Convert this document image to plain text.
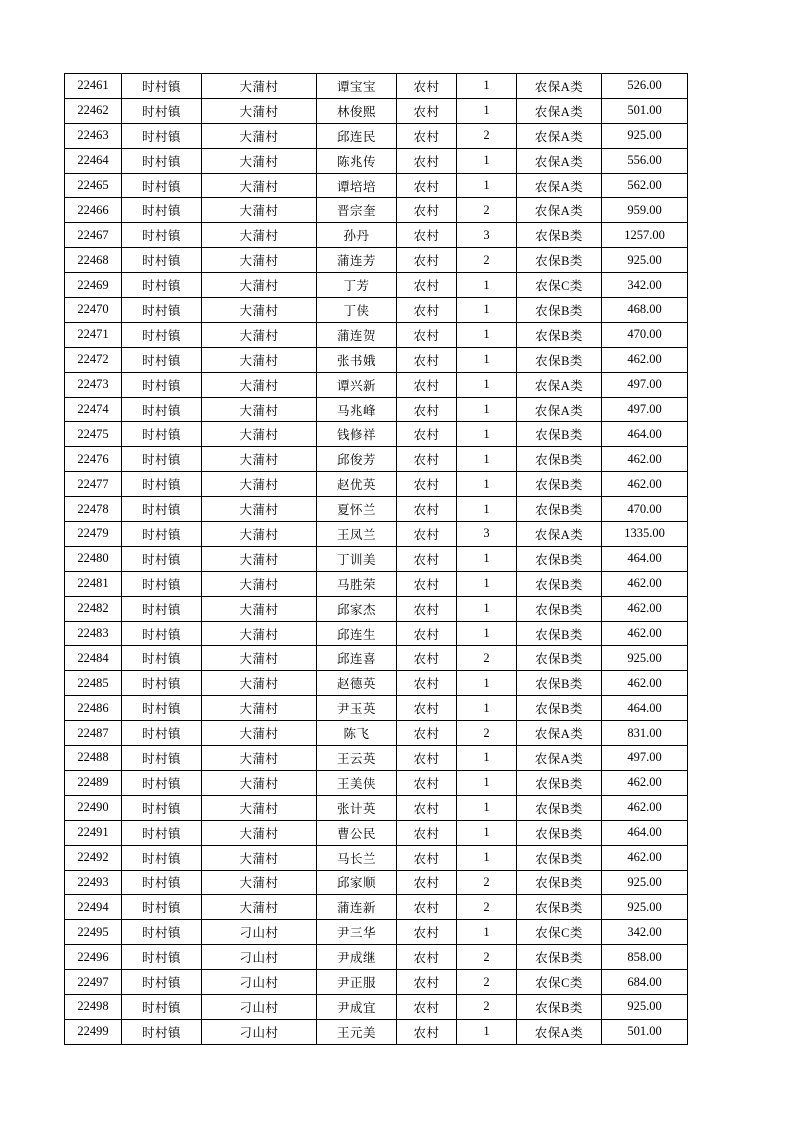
22461	时村镇	大蒲村	谭宝宝	农村	1	农保A类	526.00
22462	时村镇	大蒲村	林俊熙	农村	1	农保A类	501.00
22463	时村镇	大蒲村	邱连民	农村	2	农保A类	925.00
22464	时村镇	大蒲村	陈兆传	农村	1	农保A类	556.00
22465	时村镇	大蒲村	谭培培	农村	1	农保A类	562.00
22466	时村镇	大蒲村	晋宗奎	农村	2	农保A类	959.00
22467	时村镇	大蒲村	孙丹	农村	3	农保B类	1257.00
22468	时村镇	大蒲村	蒲连芳	农村	2	农保B类	925.00
22469	时村镇	大蒲村	丁芳	农村	1	农保C类	342.00
22470	时村镇	大蒲村	丁侠	农村	1	农保B类	468.00
22471	时村镇	大蒲村	蒲连贺	农村	1	农保B类	470.00
22472	时村镇	大蒲村	张书娥	农村	1	农保B类	462.00
22473	时村镇	大蒲村	谭兴新	农村	1	农保A类	497.00
22474	时村镇	大蒲村	马兆峰	农村	1	农保A类	497.00
22475	时村镇	大蒲村	钱修祥	农村	1	农保B类	464.00
22476	时村镇	大蒲村	邱俊芳	农村	1	农保B类	462.00
22477	时村镇	大蒲村	赵优英	农村	1	农保B类	462.00
22478	时村镇	大蒲村	夏怀兰	农村	1	农保B类	470.00
22479	时村镇	大蒲村	王凤兰	农村	3	农保A类	1335.00
22480	时村镇	大蒲村	丁训美	农村	1	农保B类	464.00
22481	时村镇	大蒲村	马胜荣	农村	1	农保B类	462.00
22482	时村镇	大蒲村	邱家杰	农村	1	农保B类	462.00
22483	时村镇	大蒲村	邱连生	农村	1	农保B类	462.00
22484	时村镇	大蒲村	邱连喜	农村	2	农保B类	925.00
22485	时村镇	大蒲村	赵德英	农村	1	农保B类	462.00
22486	时村镇	大蒲村	尹玉英	农村	1	农保B类	464.00
22487	时村镇	大蒲村	陈飞	农村	2	农保A类	831.00
22488	时村镇	大蒲村	王云英	农村	1	农保A类	497.00
22489	时村镇	大蒲村	王美侠	农村	1	农保B类	462.00
22490	时村镇	大蒲村	张计英	农村	1	农保B类	462.00
22491	时村镇	大蒲村	曹公民	农村	1	农保B类	464.00
22492	时村镇	大蒲村	马长兰	农村	1	农保B类	462.00
22493	时村镇	大蒲村	邱家顺	农村	2	农保B类	925.00
22494	时村镇	大蒲村	蒲连新	农村	2	农保B类	925.00
22495	时村镇	刁山村	尹三华	农村	1	农保C类	342.00
22496	时村镇	刁山村	尹成继	农村	2	农保B类	858.00
22497	时村镇	刁山村	尹正服	农村	2	农保C类	684.00
22498	时村镇	刁山村	尹成宜	农村	2	农保B类	925.00
22499	时村镇	刁山村	王元美	农村	1	农保A类	501.00
